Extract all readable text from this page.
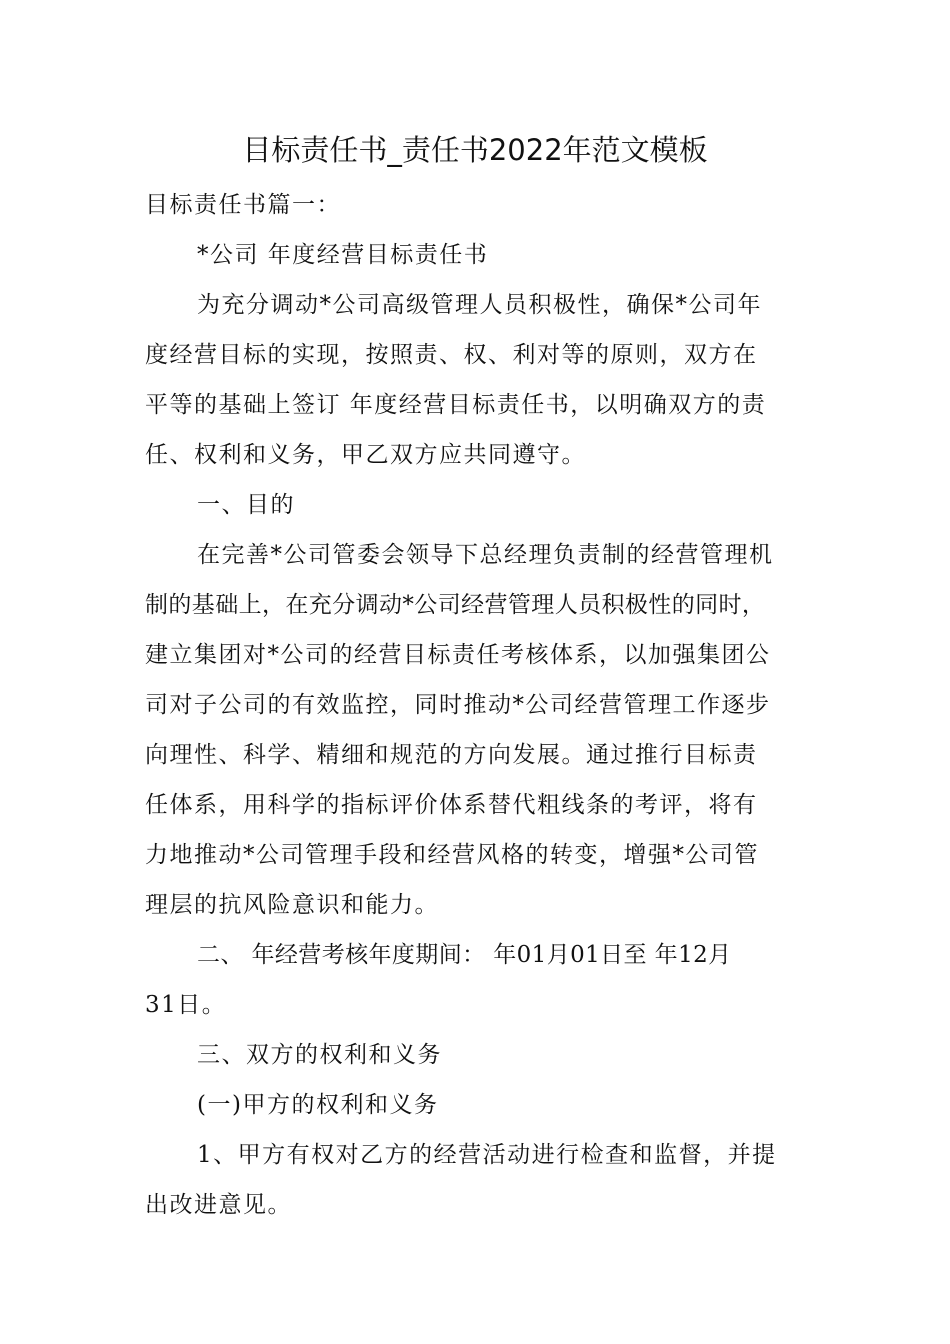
目标责任书_责任书2022年范文模板
目标责任书篇一：
*公司 年度经营目标责任书
为充分调动*公司高级管理人员积极性，确保*公司年
度经营目标的实现，按照责、权、利对等的原则，双方在
平等的基础上签订 年度经营目标责任书，以明确双方的责
任、权利和义务，甲乙双方应共同遵守。
一、目的
在完善*公司管委会领导下总经理负责制的经营管理机
制的基础上，在充分调动*公司经营管理人员积极性的同时，
建立集团对*公司的经营目标责任考核体系，以加强集团公
司对子公司的有效监控，同时推动*公司经营管理工作逐步
向理性、科学、精细和规范的方向发展。通过推行目标责
任体系，用科学的指标评价体系替代粗线条的考评，将有
力地推动*公司管理手段和经营风格的转变，增强*公司管
理层的抗风险意识和能力。
二、 年经营考核年度期间： 年01月01日至 年12月
31日。
三、双方的权利和义务
(一)甲方的权利和义务
1、甲方有权对乙方的经营活动进行检查和监督，并提
出改进意见。
